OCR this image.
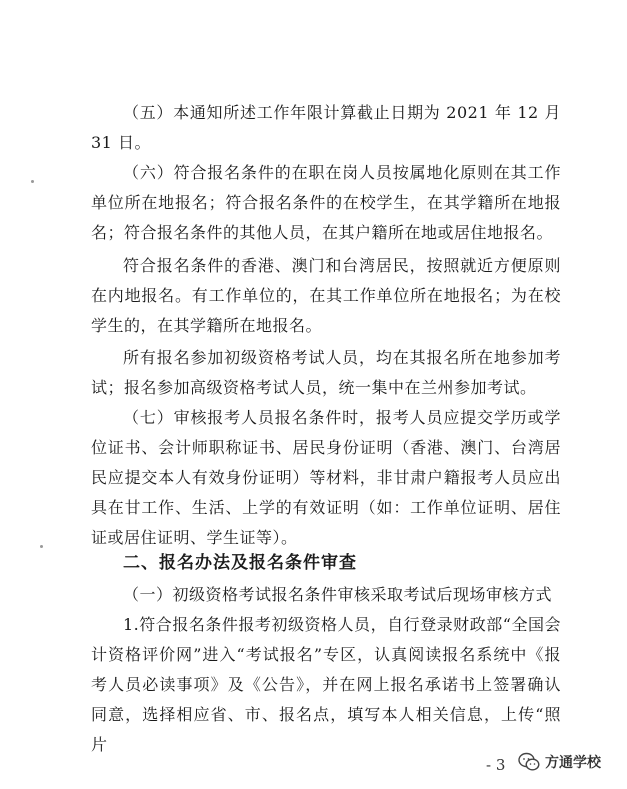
（五）本通知所述工作年限计算截止日期为 2021 年 12 月 31 日。

（六）符合报名条件的在职在岗人员按属地化原则在其工作单位所在地报名；符合报名条件的在校学生，在其学籍所在地报名；符合报名条件的其他人员，在其户籍所在地或居住地报名。

符合报名条件的香港、澳门和台湾居民，按照就近方便原则在内地报名。有工作单位的，在其工作单位所在地报名；为在校学生的，在其学籍所在地报名。

所有报名参加初级资格考试人员，均在其报名所在地参加考试；报名参加高级资格考试人员，统一集中在兰州参加考试。

（七）审核报考人员报名条件时，报考人员应提交学历或学位证书、会计师职称证书、居民身份证明（香港、澳门、台湾居民应提交本人有效身份证明）等材料，非甘肃户籍报考人员应出具在甘工作、生活、上学的有效证明（如：工作单位证明、居住证或居住证明、学生证等）。

二、报名办法及报名条件审查

（一）初级资格考试报名条件审核采取考试后现场审核方式

1.符合报名条件报考初级资格人员，自行登录财政部“全国会计资格评价网”进入“考试报名”专区，认真阅读报名系统中《报考人员必读事项》及《公告》，并在网上报名承诺书上签署确认同意，选择相应省、市、报名点，填写本人相关信息，上传“照片

- 3	方通学校
